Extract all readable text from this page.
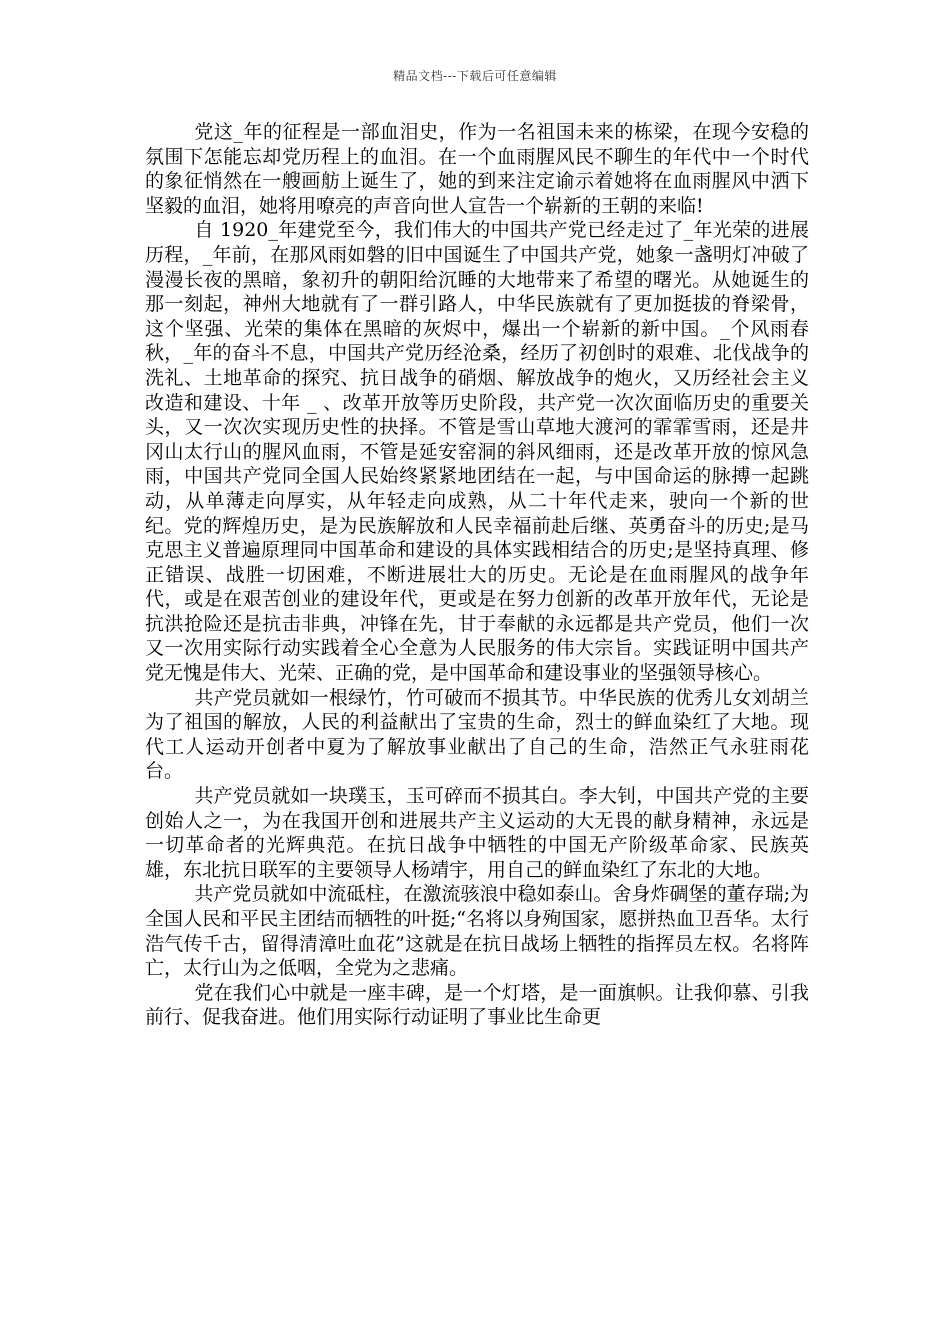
精品文档---下载后可任意编辑

党这_年的征程是一部血泪史，作为一名祖国未来的栋梁，在现今安稳的氛围下怎能忘却党历程上的血泪。在一个血雨腥风民不聊生的年代中一个时代的象征悄然在一艘画舫上诞生了，她的到来注定谕示着她将在血雨腥风中洒下坚毅的血泪，她将用嘹亮的声音向世人宣告一个崭新的王朝的来临!

自 1920_年建党至今，我们伟大的中国共产党已经走过了_年光荣的进展历程，_年前，在那风雨如磐的旧中国诞生了中国共产党，她象一盏明灯冲破了漫漫长夜的黑暗，象初升的朝阳给沉睡的大地带来了希望的曙光。从她诞生的那一刻起，神州大地就有了一群引路人，中华民族就有了更加挺拔的脊梁骨，这个坚强、光荣的集体在黑暗的灰烬中，爆出一个崭新的新中国。_个风雨春秋，_年的奋斗不息，中国共产党历经沧桑，经历了初创时的艰难、北伐战争的洗礼、土地革命的探究、抗日战争的硝烟、解放战争的炮火，又历经社会主义改造和建设、十年 _ 、改革开放等历史阶段，共产党一次次面临历史的重要关头，又一次次实现历史性的抉择。不管是雪山草地大渡河的霏霏雪雨，还是井冈山太行山的腥风血雨，不管是延安窑洞的斜风细雨，还是改革开放的惊风急雨，中国共产党同全国人民始终紧紧地团结在一起，与中国命运的脉搏一起跳动，从单薄走向厚实，从年轻走向成熟，从二十年代走来，驶向一个新的世纪。党的辉煌历史，是为民族解放和人民幸福前赴后继、英勇奋斗的历史;是马克思主义普遍原理同中国革命和建设的具体实践相结合的历史;是坚持真理、修正错误、战胜一切困难，不断进展壮大的历史。无论是在血雨腥风的战争年代，或是在艰苦创业的建设年代，更或是在努力创新的改革开放年代，无论是抗洪抢险还是抗击非典，冲锋在先，甘于奉献的永远都是共产党员，他们一次又一次用实际行动实践着全心全意为人民服务的伟大宗旨。实践证明中国共产党无愧是伟大、光荣、正确的党，是中国革命和建设事业的坚强领导核心。

共产党员就如一根绿竹，竹可破而不损其节。中华民族的优秀儿女刘胡兰为了祖国的解放，人民的利益献出了宝贵的生命，烈士的鲜血染红了大地。现代工人运动开创者中夏为了解放事业献出了自己的生命，浩然正气永驻雨花台。

共产党员就如一块璞玉，玉可碎而不损其白。李大钊，中国共产党的主要创始人之一，为在我国开创和进展共产主义运动的大无畏的献身精神，永远是一切革命者的光辉典范。在抗日战争中牺牲的中国无产阶级革命家、民族英雄，东北抗日联军的主要领导人杨靖宇，用自己的鲜血染红了东北的大地。

共产党员就如中流砥柱，在激流骇浪中稳如泰山。舍身炸碉堡的董存瑞;为全国人民和平民主团结而牺牲的叶挺;“名将以身殉国家，愿拼热血卫吾华。太行浩气传千古，留得清漳吐血花”这就是在抗日战场上牺牲的指挥员左权。名将阵亡，太行山为之低咽，全党为之悲痛。

党在我们心中就是一座丰碑，是一个灯塔，是一面旗帜。让我仰慕、引我前行、促我奋进。他们用实际行动证明了事业比生命更
